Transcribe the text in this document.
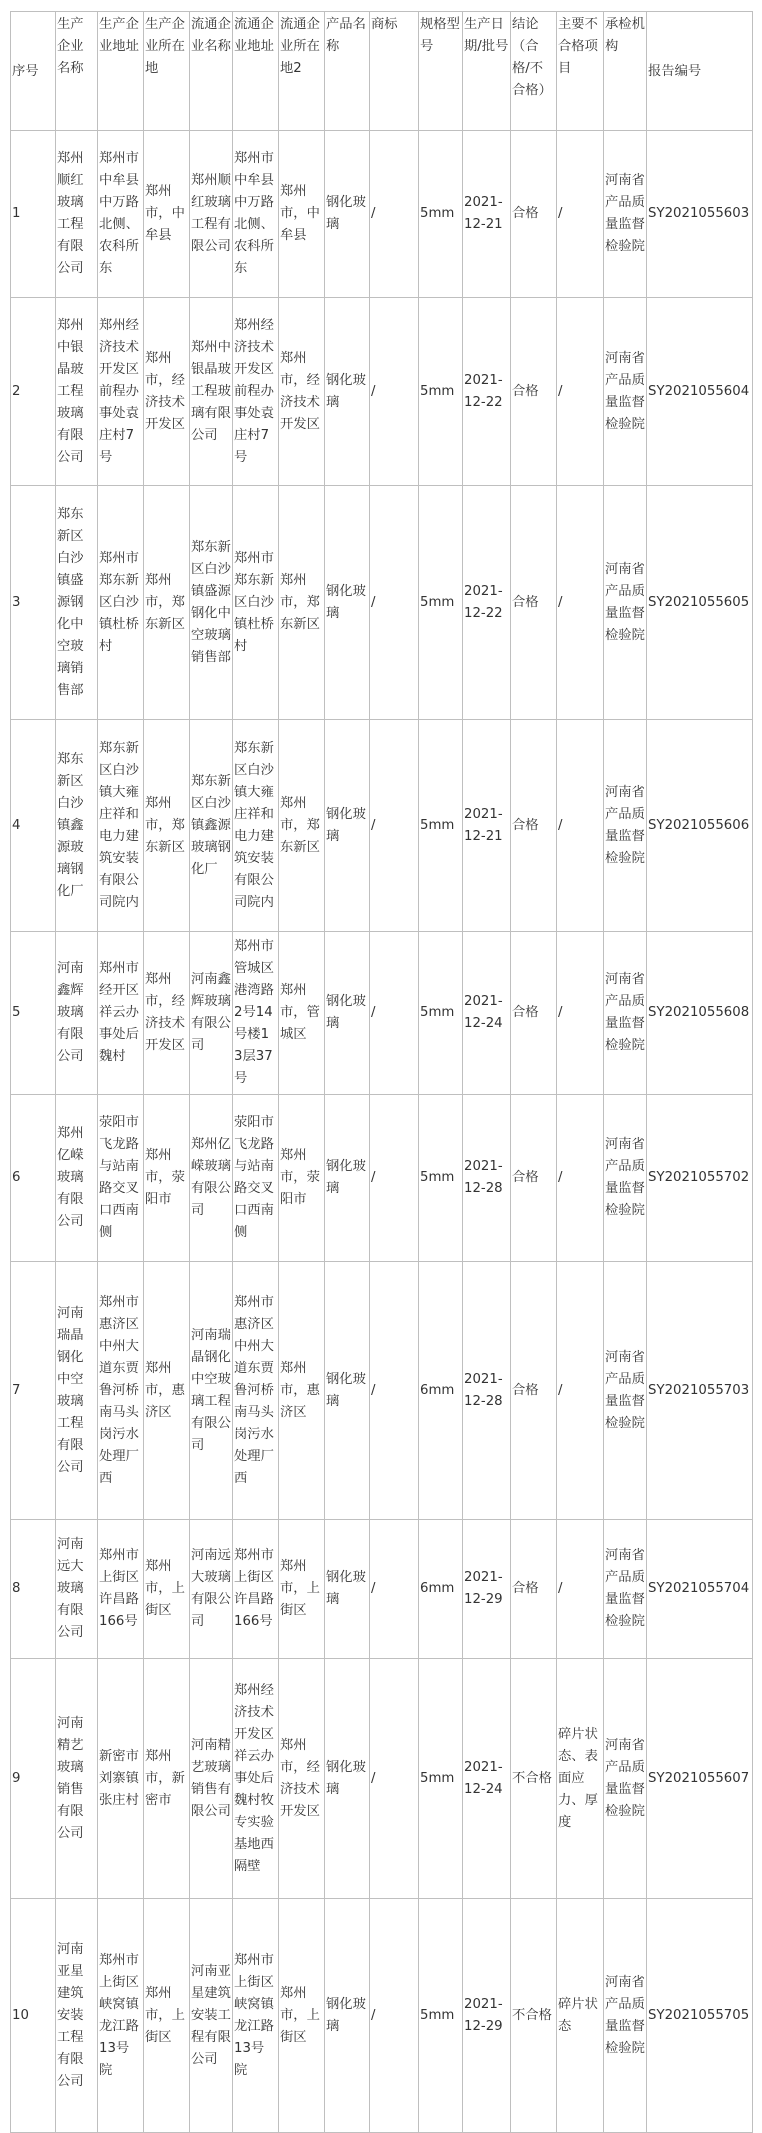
序号	生产企业名称	生产企业地址	生产企业所在地	流通企业名称	流通企业地址	流通企业所在地2	产品名称	商标	规格型号	生产日期/批号	结论（合格/不合格）	主要不合格项目	承检机构	报告编号
1	郑州顺红玻璃工程有限公司	郑州市中牟县中万路北侧、农科所东	郑州市，中牟县	郑州顺红玻璃工程有限公司	郑州市中牟县中万路北侧、农科所东	郑州市，中牟县	钢化玻璃	/	5mm	2021-12-21	合格	/	河南省产品质量监督检验院	SY2021055603
2	郑州中银晶玻工程玻璃有限公司	郑州经济技术开发区前程办事处袁庄村7号	郑州市，经济技术开发区	郑州中银晶玻工程玻璃有限公司	郑州经济技术开发区前程办事处袁庄村7号	郑州市，经济技术开发区	钢化玻璃	/	5mm	2021-12-22	合格	/	河南省产品质量监督检验院	SY2021055604
3	郑东新区白沙镇盛源钢化中空玻璃销售部	郑州市郑东新区白沙镇杜桥村	郑州市，郑东新区	郑东新区白沙镇盛源钢化中空玻璃销售部	郑州市郑东新区白沙镇杜桥村	郑州市，郑东新区	钢化玻璃	/	5mm	2021-12-22	合格	/	河南省产品质量监督检验院	SY2021055605
4	郑东新区白沙镇鑫源玻璃钢化厂	郑东新区白沙镇大雍庄祥和电力建筑安装有限公司院内	郑州市，郑东新区	郑东新区白沙镇鑫源玻璃钢化厂	郑东新区白沙镇大雍庄祥和电力建筑安装有限公司院内	郑州市，郑东新区	钢化玻璃	/	5mm	2021-12-21	合格	/	河南省产品质量监督检验院	SY2021055606
5	河南鑫辉玻璃有限公司	郑州市经开区祥云办事处后魏村	郑州市，经济技术开发区	河南鑫辉玻璃有限公司	郑州市管城区港湾路2号14号楼13层37号	郑州市，管城区	钢化玻璃	/	5mm	2021-12-24	合格	/	河南省产品质量监督检验院	SY2021055608
6	郑州亿嵘玻璃有限公司	荥阳市飞龙路与站南路交叉口西南侧	郑州市，荥阳市	郑州亿嵘玻璃有限公司	荥阳市飞龙路与站南路交叉口西南侧	郑州市，荥阳市	钢化玻璃	/	5mm	2021-12-28	合格	/	河南省产品质量监督检验院	SY2021055702
7	河南瑞晶钢化中空玻璃工程有限公司	郑州市惠济区中州大道东贾鲁河桥南马头岗污水处理厂西	郑州市，惠济区	河南瑞晶钢化中空玻璃工程有限公司	郑州市惠济区中州大道东贾鲁河桥南马头岗污水处理厂西	郑州市，惠济区	钢化玻璃	/	6mm	2021-12-28	合格	/	河南省产品质量监督检验院	SY2021055703
8	河南远大玻璃有限公司	郑州市上街区许昌路166号	郑州市，上街区	河南远大玻璃有限公司	郑州市上街区许昌路166号	郑州市，上街区	钢化玻璃	/	6mm	2021-12-29	合格	/	河南省产品质量监督检验院	SY2021055704
9	河南精艺玻璃销售有限公司	新密市刘寨镇张庄村	郑州市，新密市	河南精艺玻璃销售有限公司	郑州经济技术开发区祥云办事处后魏村牧专实验基地西隔壁	郑州市，经济技术开发区	钢化玻璃	/	5mm	2021-12-24	不合格	碎片状态、表面应力、厚度	河南省产品质量监督检验院	SY2021055607
10	河南亚星建筑安装工程有限公司	郑州市上街区峡窝镇龙江路13号院	郑州市，上街区	河南亚星建筑安装工程有限公司	郑州市上街区峡窝镇龙江路13号院	郑州市，上街区	钢化玻璃	/	5mm	2021-12-29	不合格	碎片状态	河南省产品质量监督检验院	SY2021055705
